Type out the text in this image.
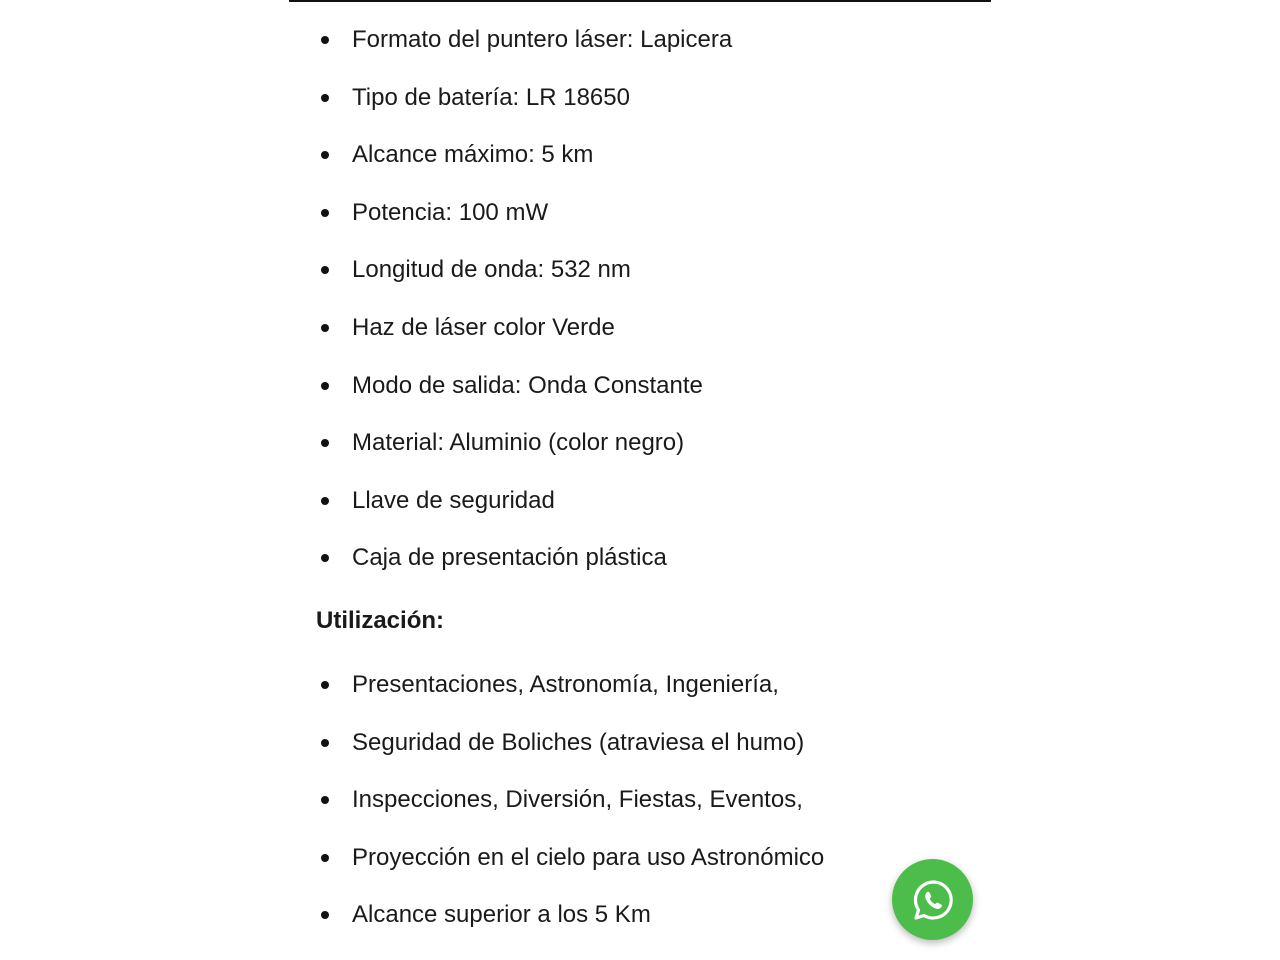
Formato del puntero láser: Lapicera
Tipo de batería: LR 18650
Alcance máximo: 5 km
Potencia: 100 mW
Longitud de onda: 532 nm
Haz de láser color Verde
Modo de salida: Onda Constante
Material: Aluminio (color negro)
Llave de seguridad
Caja de presentación plástica
Utilización:
Presentaciones, Astronomía, Ingeniería,
Seguridad de Boliches (atraviesa el humo)
Inspecciones, Diversión, Fiestas, Eventos,
Proyección en el cielo para uso Astronómico
Alcance superior a los 5 Km
